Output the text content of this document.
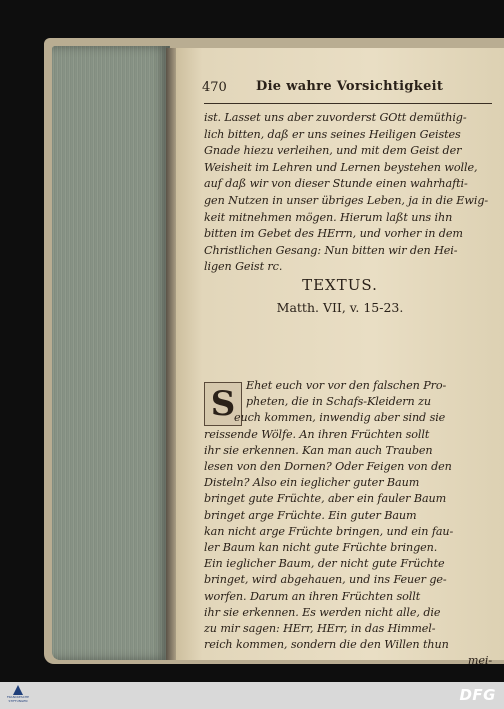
470 Die wahre Vorsichtigkeit
ist. Lasset uns aber zuvorderst GOtt demüthig-
lich bitten, daß er uns seines Heiligen Geistes
Gnade hiezu verleihen, und mit dem Geist der
Weisheit im Lehren und Lernen beystehen wolle,
auf daß wir von dieser Stunde einen wahrhafti-
gen Nutzen in unser übriges Leben, ja in die Ewig-
keit mitnehmen mögen. Hierum laßt uns ihn
bitten im Gebet des HErrn, und vorher in dem
Christlichen Gesang: Nun bitten wir den Hei-
ligen Geist rc.
TEXTUS.
Matth. VII, v. 15-23.
S Ehet euch vor vor den falschen Pro-
pheten, die in Schafs-Kleidern zu
euch kommen, inwendig aber sind sie
reissende Wölfe. An ihren Früchten sollt
ihr sie erkennen. Kan man auch Trauben
lesen von den Dornen? Oder Feigen von den
Disteln? Also ein ieglicher guter Baum
bringet gute Früchte, aber ein fauler Baum
bringet arge Früchte. Ein guter Baum
kan nicht arge Früchte bringen, und ein fau-
ler Baum kan nicht gute Früchte bringen.
Ein ieglicher Baum, der nicht gute Früchte
bringet, wird abgehauen, und ins Feuer ge-
worfen. Darum an ihren Früchten sollt
ihr sie erkennen. Es werden nicht alle, die
zu mir sagen: HErr, HErr, in das Himmel-
reich kommen, sondern die den Willen thun
mei-
FRANCKESCHE STIFTUNGEN	DFG
